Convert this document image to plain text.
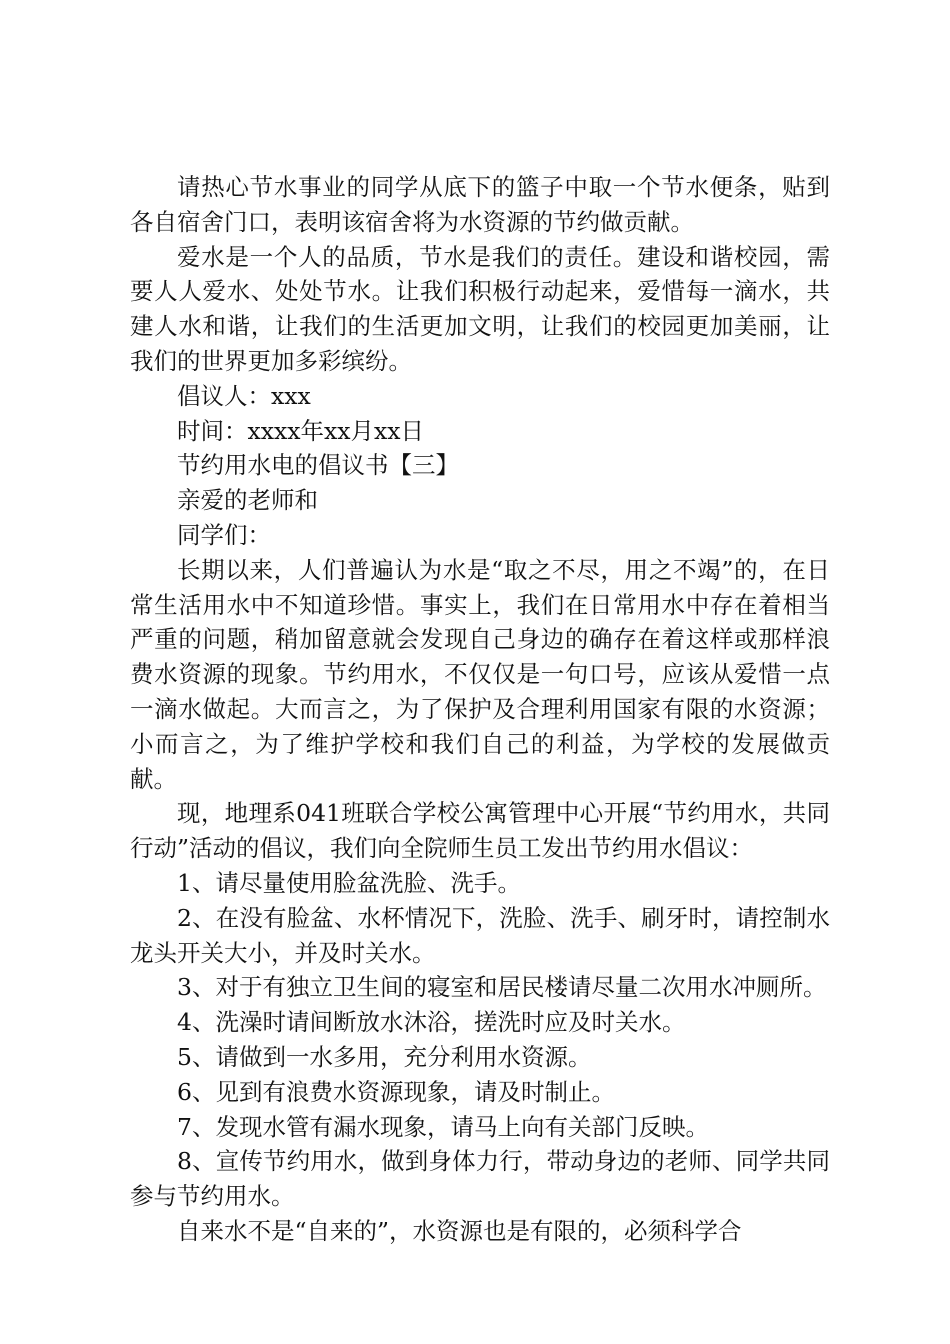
请热心节水事业的同学从底下的篮子中取一个节水便条，贴到各自宿舍门口，表明该宿舍将为水资源的节约做贡献。

爱水是一个人的品质，节水是我们的责任。建设和谐校园，需要人人爱水、处处节水。让我们积极行动起来，爱惜每一滴水，共建人水和谐，让我们的生活更加文明，让我们的校园更加美丽，让我们的世界更加多彩缤纷。

倡议人：xxx

时间：xxxx年xx月xx日

节约用水电的倡议书【三】

亲爱的老师和

同学们：

长期以来，人们普遍认为水是“取之不尽，用之不竭”的，在日常生活用水中不知道珍惜。事实上，我们在日常用水中存在着相当严重的问题，稍加留意就会发现自己身边的确存在着这样或那样浪费水资源的现象。节约用水，不仅仅是一句口号，应该从爱惜一点一滴水做起。大而言之，为了保护及合理利用国家有限的水资源；小而言之，为了维护学校和我们自己的利益，为学校的发展做贡献。

现，地理系041班联合学校公寓管理中心开展“节约用水，共同行动”活动的倡议，我们向全院师生员工发出节约用水倡议：

1、请尽量使用脸盆洗脸、洗手。

2、在没有脸盆、水杯情况下，洗脸、洗手、刷牙时，请控制水龙头开关大小，并及时关水。

3、对于有独立卫生间的寝室和居民楼请尽量二次用水冲厕所。

4、洗澡时请间断放水沐浴，搓洗时应及时关水。

5、请做到一水多用，充分利用水资源。

6、见到有浪费水资源现象，请及时制止。

7、发现水管有漏水现象，请马上向有关部门反映。

8、宣传节约用水，做到身体力行，带动身边的老师、同学共同参与节约用水。

自来水不是“自来的”，水资源也是有限的，必须科学合
